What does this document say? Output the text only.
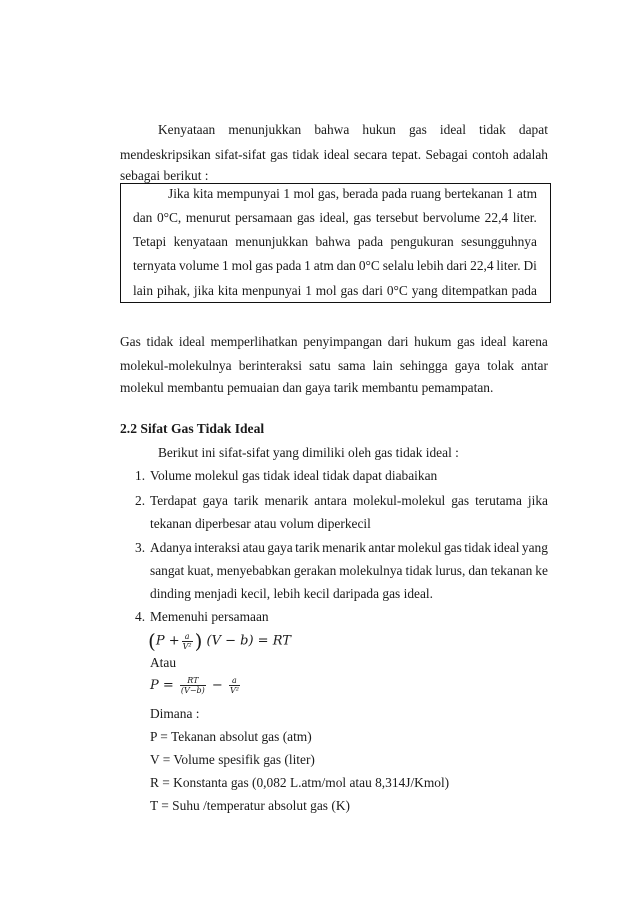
Kenyataan menunjukkan bahwa hukun gas ideal tidak dapat
mendeskripsikan sifat-sifat gas tidak ideal secara tepat. Sebagai contoh adalah
sebagai berikut :
Jika kita mempunyai 1 mol gas, berada pada ruang bertekanan 1 atm
dan 0°C, menurut persamaan gas ideal, gas tersebut bervolume 22,4 liter.
Tetapi kenyataan menunjukkan bahwa pada pengukuran sesungguhnya
ternyata volume 1 mol gas pada 1 atm dan 0°C selalu lebih dari 22,4 liter. Di
lain pihak, jika kita menpunyai 1 mol gas dari 0°C yang ditempatkan pada
Gas tidak ideal memperlihatkan penyimpangan dari hukum gas ideal karena
molekul-molekulnya berinteraksi satu sama lain sehingga gaya tolak antar
molekul membantu pemuaian dan gaya tarik membantu pemampatan.
2.2 Sifat Gas Tidak Ideal
Berikut ini sifat-sifat yang dimiliki oleh gas tidak ideal :
1. Volume molekul gas tidak ideal tidak dapat diabaikan
2. Terdapat gaya tarik menarik antara molekul-molekul gas terutama jika
tekanan diperbesar atau volum diperkecil
3. Adanya interaksi atau gaya tarik menarik antar molekul gas tidak ideal yang
sangat kuat, menyebabkan gerakan molekulnya tidak lurus, dan tekanan ke
dinding menjadi kecil, lebih kecil daripada gas ideal.
4. Memenuhi persamaan
($P + \frac{a}{\text{V²}}$ ) (V − b) = RT
Atau
$P = \frac{RT}{(V-b)} - \frac{a}{\text{V²}}$
Dimana :
P = Tekanan absolut gas (atm)
V = Volume spesifik gas (liter)
R = Konstanta gas (0,082 L.atm/mol atau 8,314J/Kmol)
T = Suhu /temperatur absolut gas (K)
